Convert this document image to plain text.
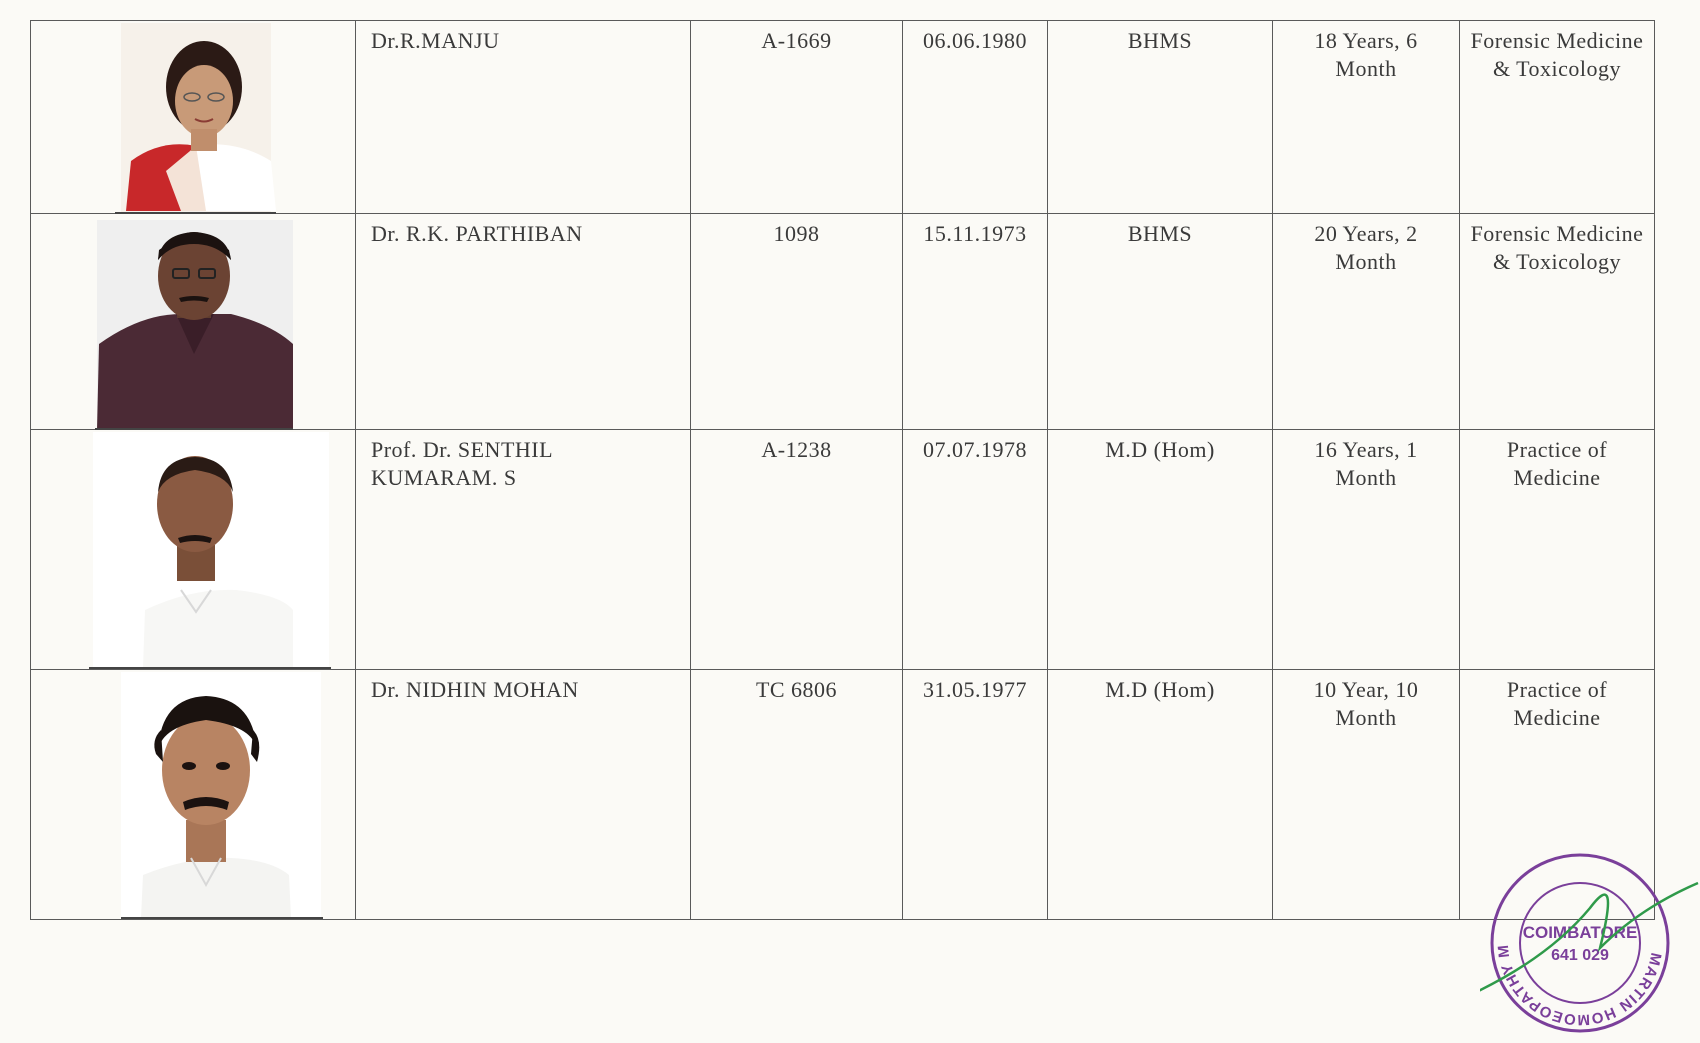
	Dr.R.MANJU	A-1669	06.06.1980	BHMS	18 Years, 6 Month	Forensic Medicine & Toxicology

	Dr. R.K. PARTHIBAN	1098	15.11.1973	BHMS	20 Years, 2 Month	Forensic Medicine & Toxicology

	Prof. Dr. SENTHIL KUMARAM. S	A-1238	07.07.1978	M.D (Hom)	16 Years, 1 Month	Practice of Medicine

	Dr. NIDHIN MOHAN	TC 6806	31.05.1977	M.D (Hom)	10 Year, 10 Month	Practice of Medicine
MARTIN HOMOEOPATHY M
COIMBATORE
641 029
